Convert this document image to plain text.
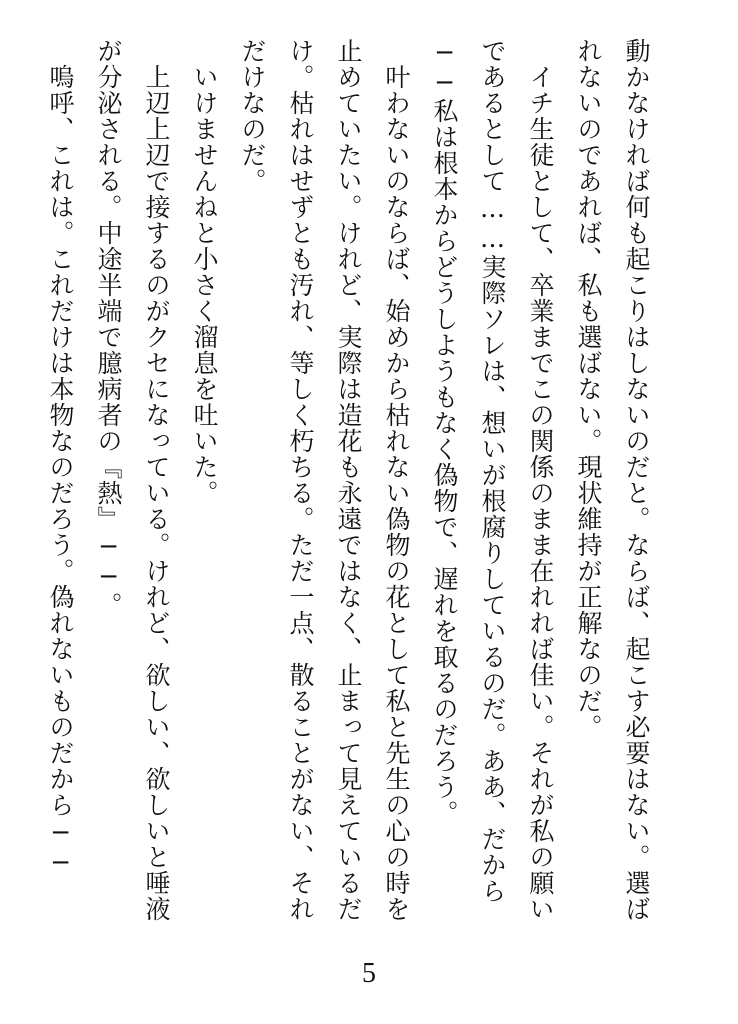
動かなければ何も起こりはしないのだと。ならば、起こす必要はない。選ばれないのであれば、私も選ばない。現状維持が正解なのだ。

　イチ生徒として、卒業までこの関係のまま在れれば佳い。それが私の願いであるとして……実際ソレは、想いが根腐りしているのだ。ああ、だから──私は根本からどうしようもなく偽物で、遅れを取るのだろう。

　叶わないのならば、始めから枯れない偽物の花として私と先生の心の時を止めていたい。けれど、実際は造花も永遠ではなく、止まって見えているだけ。枯れはせずとも汚れ、等しく朽ちる。ただ一点、散ることがない、それだけなのだ。

　いけませんねと小さく溜息を吐いた。

　上辺上辺で接するのがクセになっている。けれど、欲しい、欲しいと唾液が分泌される。中途半端で臆病者の『熱』──。

　嗚呼、これは。これだけは本物なのだろう。偽れないものだから──

5
